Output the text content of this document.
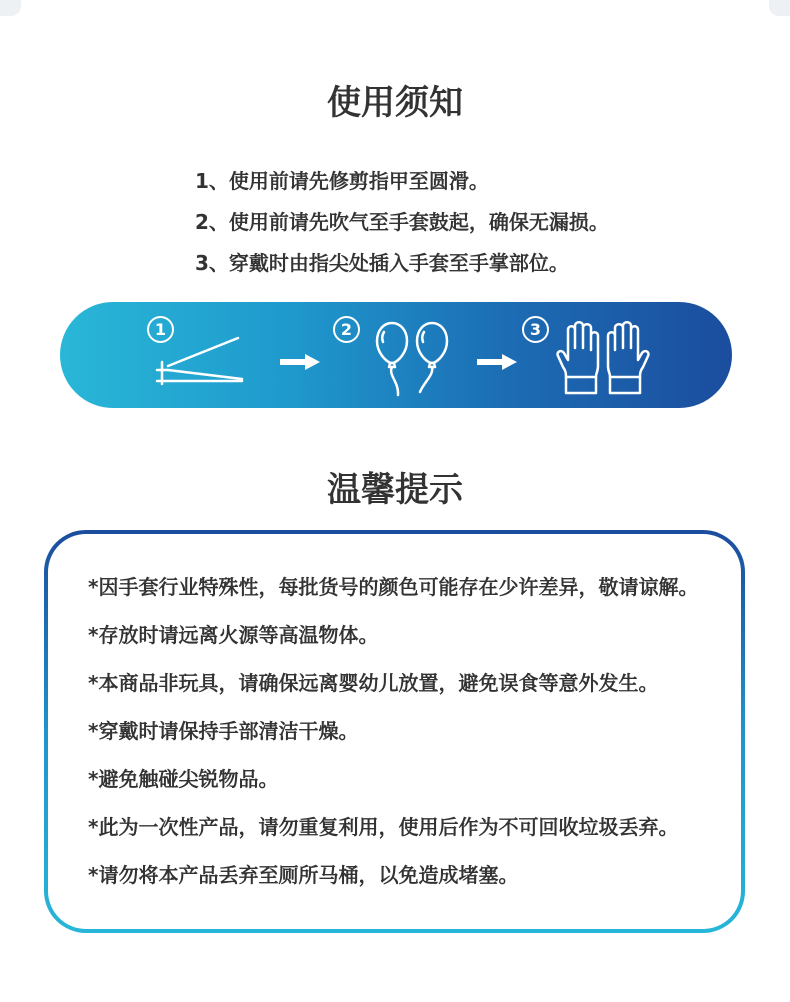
使用须知
1、使用前请先修剪指甲至圆滑。
2、使用前请先吹气至手套鼓起，确保无漏损。
3、穿戴时由指尖处插入手套至手掌部位。
1	2	3
温馨提示
*因手套行业特殊性，每批货号的颜色可能存在少许差异，敬请谅解。
*存放时请远离火源等高温物体。
*本商品非玩具，请确保远离婴幼儿放置，避免误食等意外发生。
*穿戴时请保持手部清洁干燥。
*避免触碰尖锐物品。
*此为一次性产品，请勿重复利用，使用后作为不可回收垃圾丢弃。
*请勿将本产品丢弃至厕所马桶，以免造成堵塞。
